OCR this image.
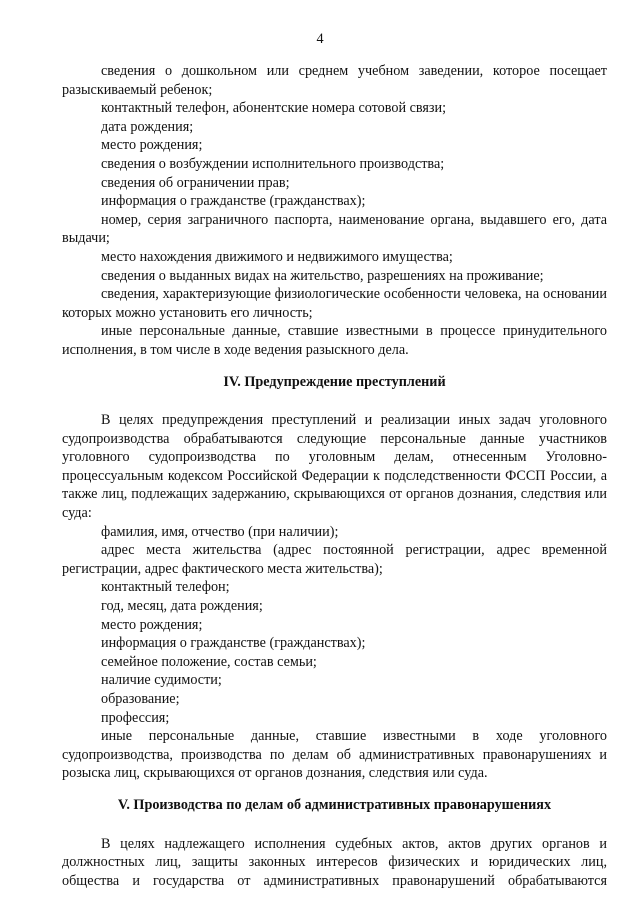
4

сведения о дошкольном или среднем учебном заведении, которое посещает разыскиваемый ребенок;

контактный телефон, абонентские номера сотовой связи;

дата рождения;

место рождения;

сведения о возбуждении исполнительного производства;

сведения об ограничении прав;

информация о гражданстве (гражданствах);

номер, серия заграничного паспорта, наименование органа, выдавшего его, дата выдачи;

место нахождения движимого и недвижимого имущества;

сведения о выданных видах на жительство, разрешениях на проживание;

сведения, характеризующие физиологические особенности человека, на основании которых можно установить его личность;

иные персональные данные, ставшие известными в процессе принудительного исполнения, в том числе в ходе ведения разыскного дела.

IV. Предупреждение преступлений

В целях предупреждения преступлений и реализации иных задач уголовного судопроизводства обрабатываются следующие персональные данные участников уголовного судопроизводства по уголовным делам, отнесенным Уголовно-процессуальным кодексом Российской Федерации к подследственности ФССП России, а также лиц, подлежащих задержанию, скрывающихся от органов дознания, следствия или суда:

фамилия, имя, отчество (при наличии);

адрес места жительства (адрес постоянной регистрации, адрес временной регистрации, адрес фактического места жительства);

контактный телефон;

год, месяц, дата рождения;

место рождения;

информация о гражданстве (гражданствах);

семейное положение, состав семьи;

наличие судимости;

образование;

профессия;

иные персональные данные, ставшие известными в ходе уголовного судопроизводства, производства по делам об административных правонарушениях и розыска лиц, скрывающихся от органов дознания, следствия или суда.

V. Производства по делам об административных правонарушениях

В целях надлежащего исполнения судебных актов, актов других органов и должностных лиц, защиты законных интересов физических и юридических лиц, общества и государства от административных правонарушений обрабатываются
